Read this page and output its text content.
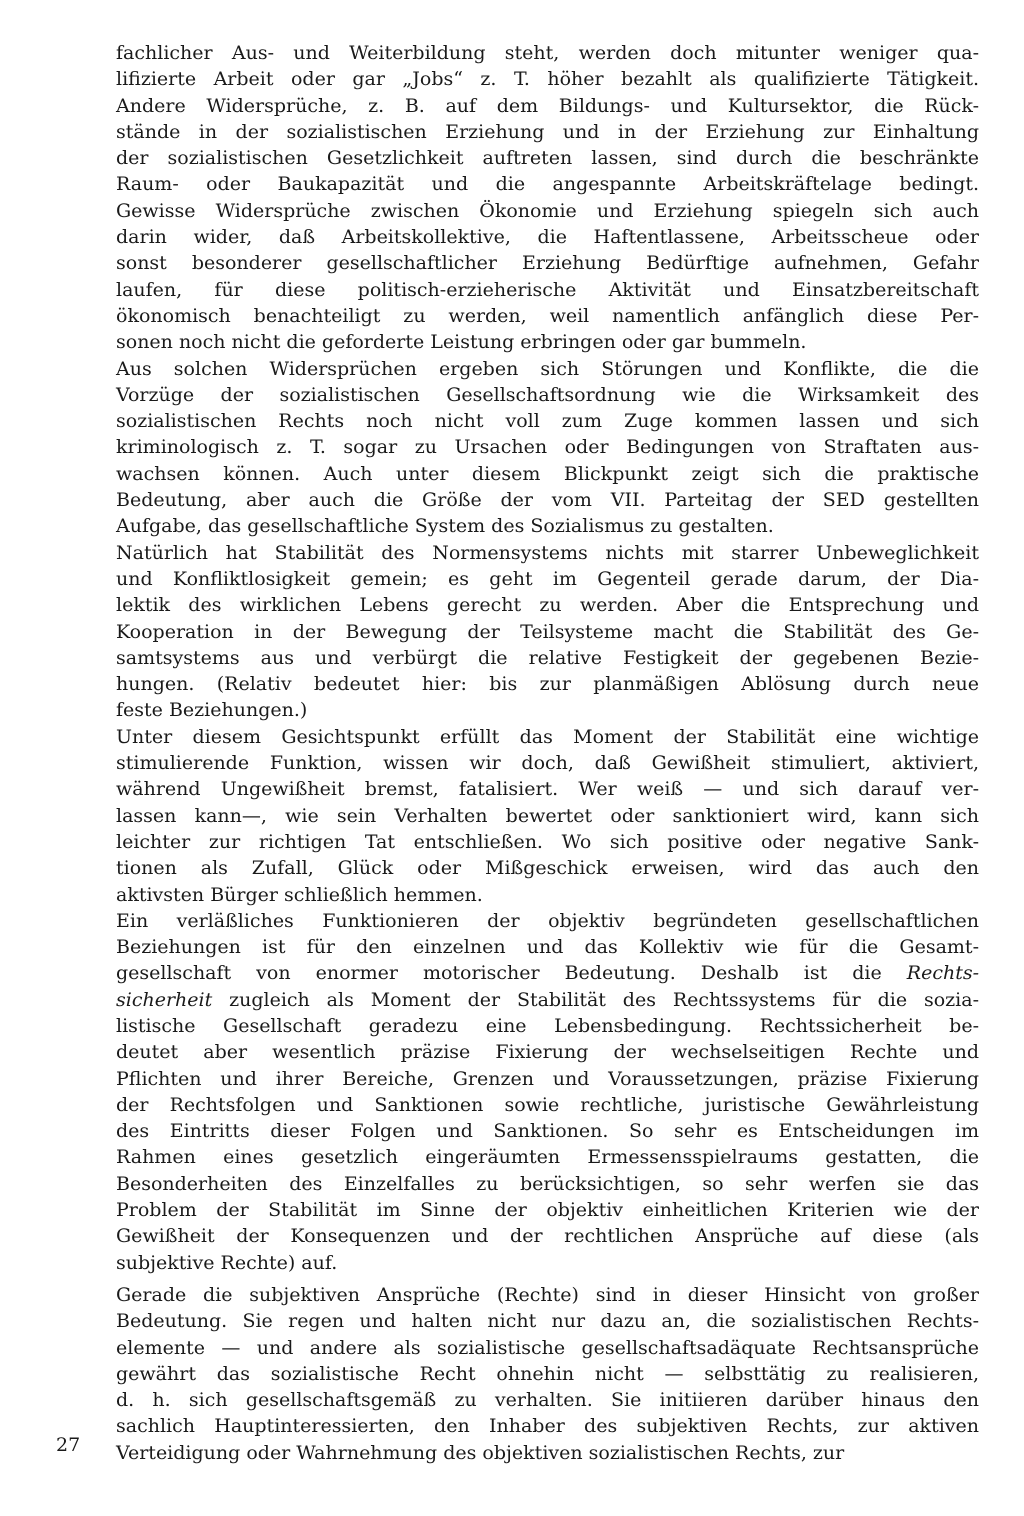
fachlicher Aus- und Weiterbildung steht, werden doch mitunter weniger qua-
lifizierte Arbeit oder gar „Jobs“ z. T. höher bezahlt als qualifizierte Tätigkeit.
Andere Widersprüche, z. B. auf dem Bildungs- und Kultursektor, die Rück-
stände in der sozialistischen Erziehung und in der Erziehung zur Einhaltung
der sozialistischen Gesetzlichkeit auftreten lassen, sind durch die beschränkte
Raum- oder Baukapazität und die angespannte Arbeitskräftelage bedingt.
Gewisse Widersprüche zwischen Ökonomie und Erziehung spiegeln sich auch
darin wider, daß Arbeitskollektive, die Haftentlassene, Arbeitsscheue oder
sonst besonderer gesellschaftlicher Erziehung Bedürftige aufnehmen, Gefahr
laufen, für diese politisch-erzieherische Aktivität und Einsatzbereitschaft
ökonomisch benachteiligt zu werden, weil namentlich anfänglich diese Per-
sonen noch nicht die geforderte Leistung erbringen oder gar bummeln.
Aus solchen Widersprüchen ergeben sich Störungen und Konflikte, die die
Vorzüge der sozialistischen Gesellschaftsordnung wie die Wirksamkeit des
sozialistischen Rechts noch nicht voll zum Zuge kommen lassen und sich
kriminologisch z. T. sogar zu Ursachen oder Bedingungen von Straftaten aus-
wachsen können. Auch unter diesem Blickpunkt zeigt sich die praktische
Bedeutung, aber auch die Größe der vom VII. Parteitag der SED gestellten
Aufgabe, das gesellschaftliche System des Sozialismus zu gestalten.
Natürlich hat Stabilität des Normensystems nichts mit starrer Unbeweglichkeit
und Konfliktlosigkeit gemein; es geht im Gegenteil gerade darum, der Dia-
lektik des wirklichen Lebens gerecht zu werden. Aber die Entsprechung und
Kooperation in der Bewegung der Teilsysteme macht die Stabilität des Ge-
samtsystems aus und verbürgt die relative Festigkeit der gegebenen Bezie-
hungen. (Relativ bedeutet hier: bis zur planmäßigen Ablösung durch neue
feste Beziehungen.)
Unter diesem Gesichtspunkt erfüllt das Moment der Stabilität eine wichtige
stimulierende Funktion, wissen wir doch, daß Gewißheit stimuliert, aktiviert,
während Ungewißheit bremst, fatalisiert. Wer weiß — und sich darauf ver-
lassen kann—, wie sein Verhalten bewertet oder sanktioniert wird, kann sich
leichter zur richtigen Tat entschließen. Wo sich positive oder negative Sank-
tionen als Zufall, Glück oder Mißgeschick erweisen, wird das auch den
aktivsten Bürger schließlich hemmen.
Ein verläßliches Funktionieren der objektiv begründeten gesellschaftlichen
Beziehungen ist für den einzelnen und das Kollektiv wie für die Gesamt-
gesellschaft von enormer motorischer Bedeutung. Deshalb ist die Rechts-
sicherheit zugleich als Moment der Stabilität des Rechtssystems für die sozia-
listische Gesellschaft geradezu eine Lebensbedingung. Rechtssicherheit be-
deutet aber wesentlich präzise Fixierung der wechselseitigen Rechte und
Pflichten und ihrer Bereiche, Grenzen und Voraussetzungen, präzise Fixierung
der Rechtsfolgen und Sanktionen sowie rechtliche, juristische Gewährleistung
des Eintritts dieser Folgen und Sanktionen. So sehr es Entscheidungen im
Rahmen eines gesetzlich eingeräumten Ermessensspielraums gestatten, die
Besonderheiten des Einzelfalles zu berücksichtigen, so sehr werfen sie das
Problem der Stabilität im Sinne der objektiv einheitlichen Kriterien wie der
Gewißheit der Konsequenzen und der rechtlichen Ansprüche auf diese (als
subjektive Rechte) auf.
Gerade die subjektiven Ansprüche (Rechte) sind in dieser Hinsicht von großer
Bedeutung. Sie regen und halten nicht nur dazu an, die sozialistischen Rechts-
elemente — und andere als sozialistische gesellschaftsadäquate Rechtsansprüche
gewährt das sozialistische Recht ohnehin nicht — selbsttätig zu realisieren,
d. h. sich gesellschaftsgemäß zu verhalten. Sie initiieren darüber hinaus den
sachlich Hauptinteressierten, den Inhaber des subjektiven Rechts, zur aktiven
Verteidigung oder Wahrnehmung des objektiven sozialistischen Rechts, zur
27
